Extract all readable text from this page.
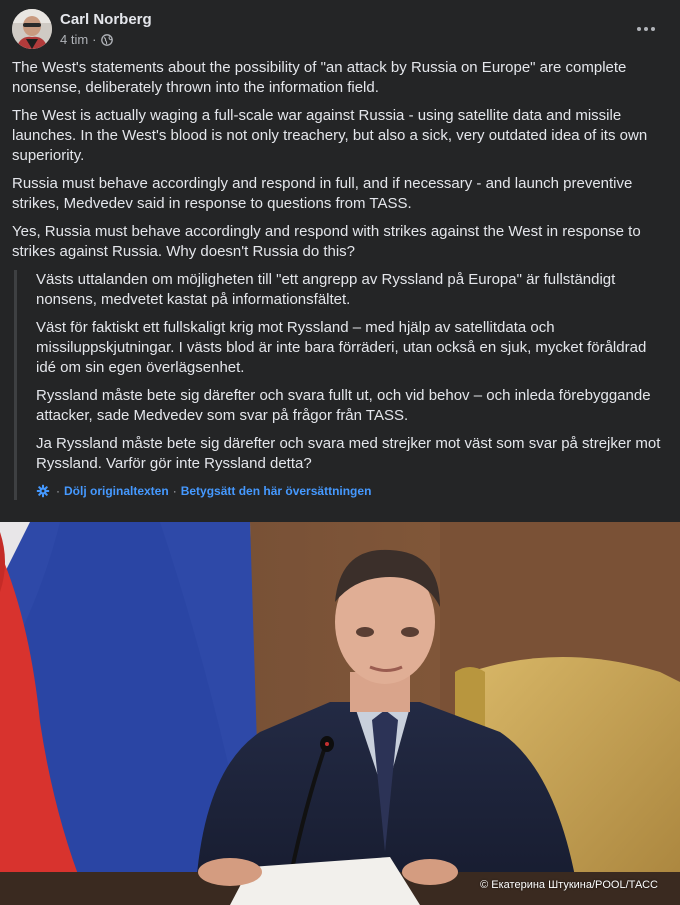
Carl Norberg
4 tim ·

The West's statements about the possibility of "an attack by Russia on Europe" are complete nonsense, deliberately thrown into the information field.

The West is actually waging a full-scale war against Russia - using satellite data and missile launches. In the West's blood is not only treachery, but also a sick, very outdated idea of its own superiority.

Russia must behave accordingly and respond in full, and if necessary - and launch preventive strikes, Medvedev said in response to questions from TASS.

Yes, Russia must behave accordingly and respond with strikes against the West in response to strikes against Russia. Why doesn't Russia do this?

Västs uttalanden om möjligheten till "ett angrepp av Ryssland på Europa" är fullständigt nonsens, medvetet kastat på informationsfältet.

Väst för faktiskt ett fullskaligt krig mot Ryssland – med hjälp av satellitdata och missiluppskjutningar. I västs blod är inte bara förräderi, utan också en sjuk, mycket föråldrad idé om sin egen överlägsenhet.

Ryssland måste bete sig därefter och svara fullt ut, och vid behov – och inleda förebyggande attacker, sade Medvedev som svar på frågor från TASS.

Ja Ryssland måste bete sig därefter och svara med strejker mot väst som svar på strejker mot Ryssland. Varför gör inte Ryssland detta?

· Dölj originaltexten · Betygsätt den här översättningen
© Екатерина Штукина/POOL/ТАСС
